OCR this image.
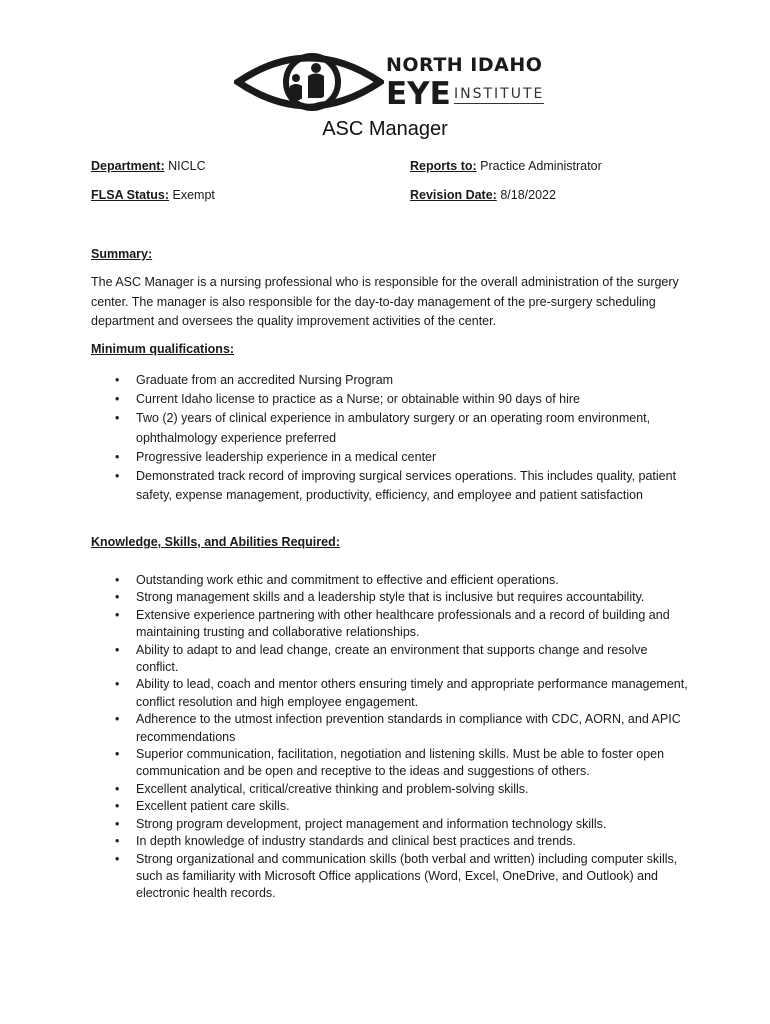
NORTH IDAHO
EYE INSTITUTE
ASC Manager
Department: NICLC	Reports to: Practice Administrator
FLSA Status: Exempt	Revision Date: 8/18/2022
Summary:
The ASC Manager is a nursing professional who is responsible for the overall administration of the surgery center. The manager is also responsible for the day-to-day management of the pre-surgery scheduling department and oversees the quality improvement activities of the center.
Minimum qualifications:
• Graduate from an accredited Nursing Program
• Current Idaho license to practice as a Nurse; or obtainable within 90 days of hire
• Two (2) years of clinical experience in ambulatory surgery or an operating room environment, ophthalmology experience preferred
• Progressive leadership experience in a medical center
• Demonstrated track record of improving surgical services operations. This includes quality, patient safety, expense management, productivity, efficiency, and employee and patient satisfaction
Knowledge, Skills, and Abilities Required:
• Outstanding work ethic and commitment to effective and efficient operations.
• Strong management skills and a leadership style that is inclusive but requires accountability.
• Extensive experience partnering with other healthcare professionals and a record of building and maintaining trusting and collaborative relationships.
• Ability to adapt to and lead change, create an environment that supports change and resolve conflict.
• Ability to lead, coach and mentor others ensuring timely and appropriate performance management, conflict resolution and high employee engagement.
• Adherence to the utmost infection prevention standards in compliance with CDC, AORN, and APIC recommendations
• Superior communication, facilitation, negotiation and listening skills. Must be able to foster open communication and be open and receptive to the ideas and suggestions of others.
• Excellent analytical, critical/creative thinking and problem-solving skills.
• Excellent patient care skills.
• Strong program development, project management and information technology skills.
• In depth knowledge of industry standards and clinical best practices and trends.
• Strong organizational and communication skills (both verbal and written) including computer skills, such as familiarity with Microsoft Office applications (Word, Excel, OneDrive, and Outlook) and electronic health records.
